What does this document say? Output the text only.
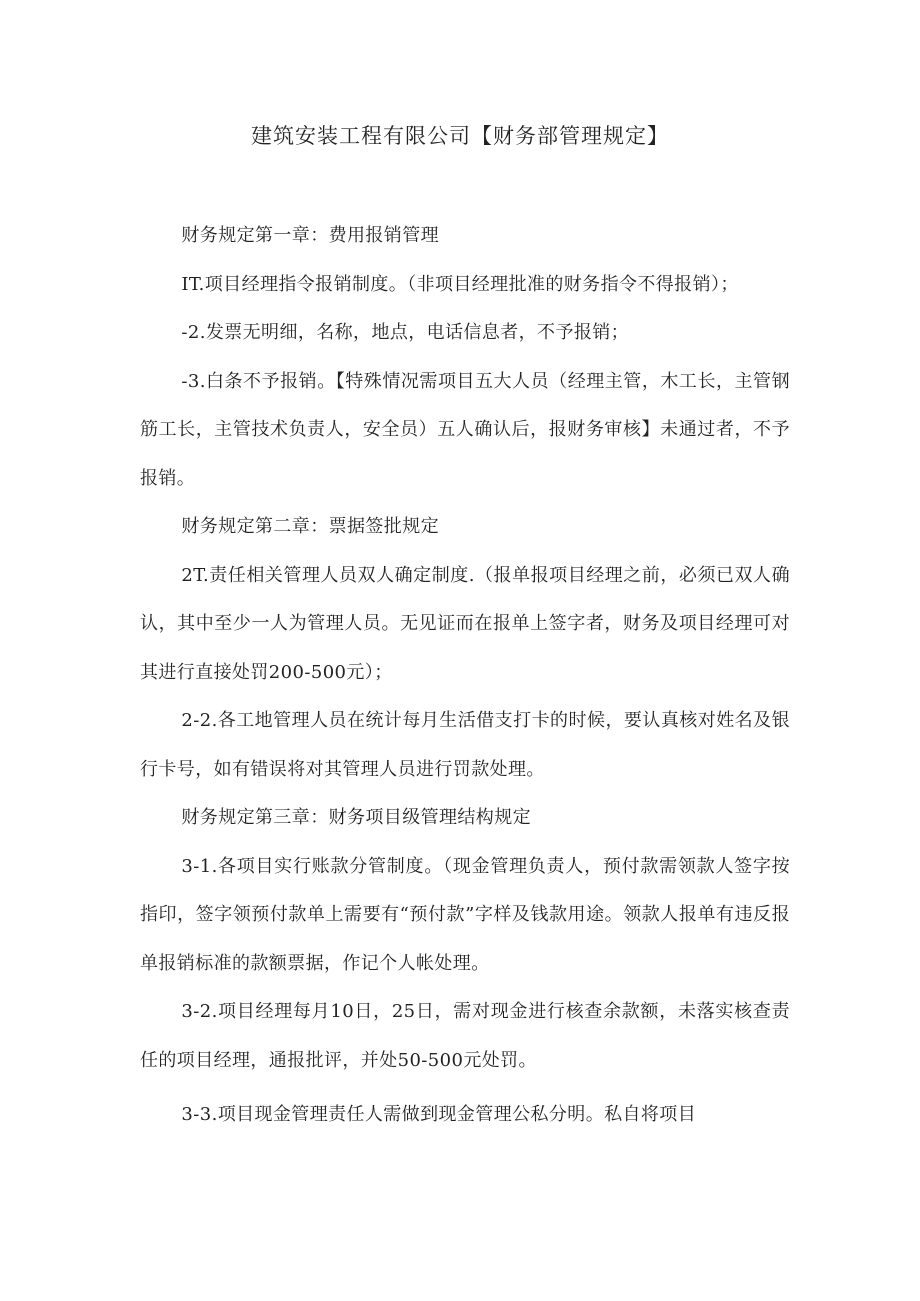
建筑安装工程有限公司【财务部管理规定】

财务规定第一章：费用报销管理

IT.项目经理指令报销制度。（非项目经理批准的财务指令不得报销）；

-2.发票无明细，名称，地点，电话信息者，不予报销；

-3.白条不予报销。【特殊情况需项目五大人员（经理主管，木工长，主管钢筋工长，主管技术负责人，安全员）五人确认后，报财务审核】未通过者，不予报销。

财务规定第二章：票据签批规定

2T.责任相关管理人员双人确定制度.（报单报项目经理之前，必须已双人确认，其中至少一人为管理人员。无见证而在报单上签字者，财务及项目经理可对其进行直接处罚200-500元）；

2-2.各工地管理人员在统计每月生活借支打卡的时候，要认真核对姓名及银行卡号，如有错误将对其管理人员进行罚款处理。

财务规定第三章：财务项目级管理结构规定

3-1.各项目实行账款分管制度。（现金管理负责人，预付款需领款人签字按指印，签字领预付款单上需要有“预付款”字样及钱款用途。领款人报单有违反报单报销标准的款额票据，作记个人帐处理。

3-2.项目经理每月10日，25日，需对现金进行核查余款额，未落实核查责任的项目经理，通报批评，并处50-500元处罚。

3-3.项目现金管理责任人需做到现金管理公私分明。私自将项目
